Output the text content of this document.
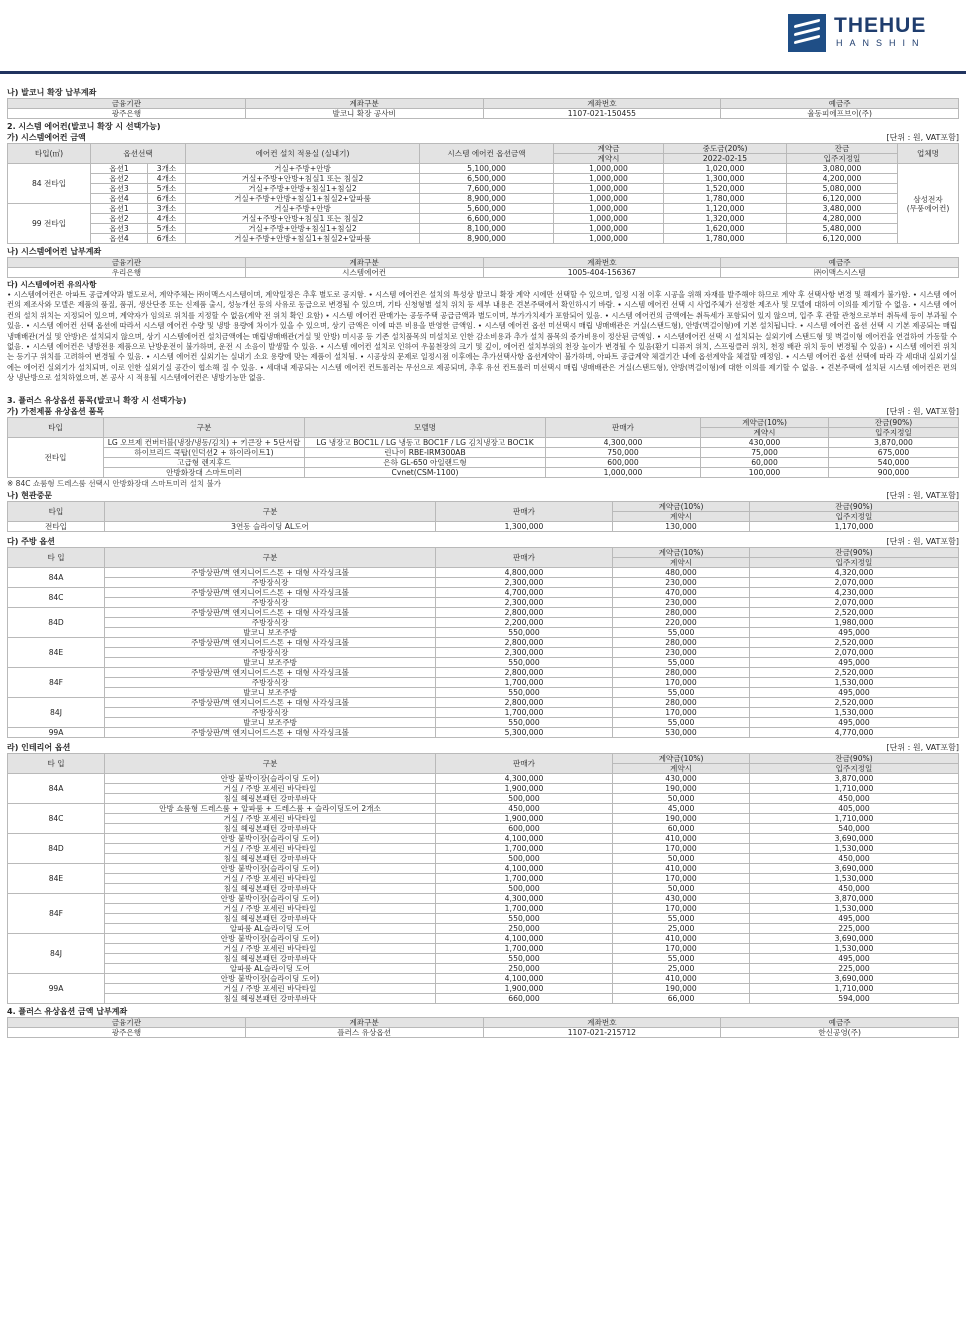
THEHUE
HANSHIN
나) 발코니 확장 납부계좌
금융기관	계좌구분	계좌번호	예금주
광주은행	발코니 확장 공사비	1107-021-150455	율동피에프브이(주)
2. 시스템 에어컨(발코니 확장 시 선택가능)
가) 시스템에어컨 금액	[단위 : 원, VAT포함]
타입(㎡)	옵션선택		에어컨 설치 적용실 (실내기)	시스템 에어컨 옵션금액	계약금	중도금(20%)	잔금	업체명
					계약시	2022-02-15	입주지정일	
84 전타입	옵션1	3개소	거실+주방+안방	5,100,000	1,000,000	1,020,000	3,080,000	삼성전자
(무풍에어컨)

	옵션2	4개소	거실+주방+안방+침실1 또는 침실2	6,500,000	1,000,000	1,300,000	4,200,000	
	옵션3	5개소	거실+주방+안방+침실1+침실2	7,600,000	1,000,000	1,520,000	5,080,000	
	옵션4	6개소	거실+주방+안방+침실1+침실2+알파룸	8,900,000	1,000,000	1,780,000	6,120,000	
99 전타입	옵션1	3개소	거실+주방+안방	5,600,000	1,000,000	1,120,000	3,480,000	
	옵션2	4개소	거실+주방+안방+침실1 또는 침실2	6,600,000	1,000,000	1,320,000	4,280,000	
	옵션3	5개소	거실+주방+안방+침실1+침실2	8,100,000	1,000,000	1,620,000	5,480,000	
	옵션4	6개소	거실+주방+안방+침실1+침실2+알파룸	8,900,000	1,000,000	1,780,000	6,120,000	
나) 시스템에어컨 납부계좌
금융기관	계좌구분	계좌번호	예금주
우리은행	시스템에어컨	1005-404-156367	㈜이맥스시스템
다) 시스템에어컨 유의사항
• 시스템에어컨은 아파트 공급계약과 별도로서, 계약주체는 ㈜이맥스시스템이며, 계약일정은 추후 별도로 공지함. • 시스템 에어컨은 설치의 특성상 발코니 확장 계약 시에만 선택할 수 있으며, 일정 시점 이후 시공을 위해 자재를 발주해야 하므로 계약 후 선택사항 변경 및 해제가 불가함. • 시스템 에어컨의 제조사와 모델은 제품의 품질, 품귀, 생산단종 또는 신제품 출시, 성능개선 등의 사유로 동급으로 변경될 수 있으며, 기타 신청형별 설치 위치 등 세부 내용은 견본주택에서 확인하시기 바람. • 시스템 에어컨 선택 시 사업주체가 선정한 제조사 및 모델에 대하여 이의를 제기할 수 없음. • 시스템 에어컨의 설치 위치는 지정되어 있으며, 계약자가 임의로 위치를 지정할 수 없음(계약 전 위치 확인 요함) • 시스템 에어컨 판매가는 공동주택 공급금액과 별도이며, 부가가치세가 포함되어 있음. • 시스템 에어컨의 금액에는 취득세가 포함되어 있지 않으며, 입주 후 관할 관청으로부터 취득세 등이 부과될 수 있음. • 시스템 에어컨 선택 옵션에 따라서 시스템 에어컨 수량 및 냉방 용량에 차이가 있을 수 있으며, 상기 금액은 이에 따른 비용을 반영한 금액임. • 시스템 에어컨 옵션 미선택시 매립 냉매배관은 거실(스탠드형), 안방(벽걸이형)에 기본 설치됩니다. • 시스템 에어컨 옵션 선택 시 기본 제공되는 매립 냉매배관(거실 및 안방)은 설치되지 않으며, 상기 시스템에어컨 설치금액에는 매립냉매배관(거실 및 안방) 미시공 등 기존 설치품목의 미설치로 인한 감소비용과 추가 설치 품목의 증가비용이 정산된 금액임. • 시스템에어컨 선택 시 설치되는 실외기에 스탠드형 및 벽걸이형 에어컨을 연결하여 가동할 수 없음. • 시스템 에어컨은 냉방전용 제품으로 난방운전이 불가하며, 운전 시 소음이 발생할 수 있음. • 시스템 에어컨 설치로 인하여 우물천장의 크기 및 깊이, 에어컨 설치부위의 천장 높이가 변경될 수 있음(환기 디퓨저 위치, 스프링클러 위치, 천정 배관 위치 등이 변경될 수 있음) • 시스템 에어컨 위치는 등기구 위치를 고려하여 변경될 수 있음. • 시스템 에어컨 실외기는 실내기 소요 용량에 맞는 제품이 설치됨. • 시공상의 문제로 일정시점 이후에는 추가선택사항 옵션계약이 불가하며, 아파트 공급계약 체결기간 내에 옵션계약을 체결할 예정임. • 시스템 에어컨 옵션 선택에 따라 각 세대내 실외기실에는 에어컨 실외기가 설치되며, 이로 인한 실외기실 공간이 협소해 질 수 있음. • 세대내 제공되는 시스템 에어컨 컨트롤러는 무선으로 제공되며, 추후 유선 컨트롤러 미선택시 매립 냉매배관은 거실(스탠드형), 안방(벽걸이형)에 대한 이의를 제기할 수 없음. • 견본주택에 설치된 시스템 에어컨은 편의상 냉난방으로 설치하였으며, 본 공사 시 적용될 시스템에어컨은 냉방기능만 없음.
3. 플러스 유상옵션 품목(발코니 확장 시 선택가능)
가) 가전제품 유상옵션 품목	[단위 : 원, VAT포함]
타입	구분	모델명	판매가	계약금(10%)	잔금(90%)
				계약시	입주지정일
전타입	LG 오브제 컨버터블(냉장/냉동/김치) + 키큰장 + 5단서랍	LG 냉장고 BOC1L / LG 냉동고 BOC1F / LG 김치냉장고 BOC1K	4,300,000	430,000	3,870,000
	하이브리드 쿡탑(인덕션2 + 하이라이트1)	린나이 RBE-IRM300AB	750,000	75,000	675,000
	고급형 렌지후드	은하 GL-650 아일랜드형	600,000	60,000	540,000
	안방화장대 스마트미러	Cvnet(CSM-1100)	1,000,000	100,000	900,000
※ 84C 쇼룸형 드레스룸 선택시 안방화장대 스마트미러 설치 불가
나) 현관중문	[단위 : 원, VAT포함]
타입	구분	판매가	계약금(10%)	잔금(90%)
			계약시	입주지정일
전타입	3연동 슬라이딩 AL도어	1,300,000	130,000	1,170,000
다) 주방 옵션	[단위 : 원, VAT포함]
타 입	구분	판매가	계약금(10%)	잔금(90%)
			계약시	입주지정일
84A	주방상판/벽 엔지니어드스톤 + 대형 사각싱크볼	4,800,000	480,000	4,320,000
	주방장식장	2,300,000	230,000	2,070,000
84C	주방상판/벽 엔지니어드스톤 + 대형 사각싱크볼	4,700,000	470,000	4,230,000
	주방장식장	2,300,000	230,000	2,070,000
84D	주방상판/벽 엔지니어드스톤 + 대형 사각싱크볼	2,800,000	280,000	2,520,000
	주방장식장	2,200,000	220,000	1,980,000
	발코니 보조주방	550,000	55,000	495,000
84E	주방상판/벽 엔지니어드스톤 + 대형 사각싱크볼	2,800,000	280,000	2,520,000
	주방장식장	2,300,000	230,000	2,070,000
	발코니 보조주방	550,000	55,000	495,000
84F	주방상판/벽 엔지니어드스톤 + 대형 사각싱크볼	2,800,000	280,000	2,520,000
	주방장식장	1,700,000	170,000	1,530,000
	발코니 보조주방	550,000	55,000	495,000
84J	주방상판/벽 엔지니어드스톤 + 대형 사각싱크볼	2,800,000	280,000	2,520,000
	주방장식장	1,700,000	170,000	1,530,000
	발코니 보조주방	550,000	55,000	495,000
99A	주방상판/벽 엔지니어드스톤 + 대형 사각싱크볼	5,300,000	530,000	4,770,000
라) 인테리어 옵션	[단위 : 원, VAT포함]
타 입	구분	판매가	계약금(10%)	잔금(90%)
			계약시	입주지정일
84A	안방 붙박이장(슬라이딩 도어)	4,300,000	430,000	3,870,000
	거실 / 주방 포세린 바닥타일	1,900,000	190,000	1,710,000
	침실 헤링본패턴 강마루바닥	500,000	50,000	450,000
84C	안방 쇼룸형 드레스룸 + 알파룸 + 드레스룸 + 슬라이딩도어 2개소	450,000	45,000	405,000
	거실 / 주방 포세린 바닥타일	1,900,000	190,000	1,710,000
	침실 헤링본패턴 강마루바닥	600,000	60,000	540,000
84D	안방 붙박이장(슬라이딩 도어)	4,100,000	410,000	3,690,000
	거실 / 주방 포세린 바닥타일	1,700,000	170,000	1,530,000
	침실 헤링본패턴 강마루바닥	500,000	50,000	450,000
84E	안방 붙박이장(슬라이딩 도어)	4,100,000	410,000	3,690,000
	거실 / 주방 포세린 바닥타일	1,700,000	170,000	1,530,000
	침실 헤링본패턴 강마루바닥	500,000	50,000	450,000
84F	안방 붙박이장(슬라이딩 도어)	4,300,000	430,000	3,870,000
	거실 / 주방 포세린 바닥타일	1,700,000	170,000	1,530,000
	침실 헤링본패턴 강마루바닥	550,000	55,000	495,000
	알파룸 AL슬라이딩 도어	250,000	25,000	225,000
84J	안방 붙박이장(슬라이딩 도어)	4,100,000	410,000	3,690,000
	거실 / 주방 포세린 바닥타일	1,700,000	170,000	1,530,000
	침실 헤링본패턴 강마루바닥	550,000	55,000	495,000
	알파룸 AL슬라이딩 도어	250,000	25,000	225,000
99A	안방 붙박이장(슬라이딩 도어)	4,100,000	410,000	3,690,000
	거실 / 주방 포세린 바닥타일	1,900,000	190,000	1,710,000
	침실 헤링본패턴 강마루바닥	660,000	66,000	594,000
4. 플러스 유상옵션 금액 납부계좌
금융기관	계좌구분	계좌번호	예금주
광주은행	플러스 유상옵션	1107-021-215712	한신공영(주)
